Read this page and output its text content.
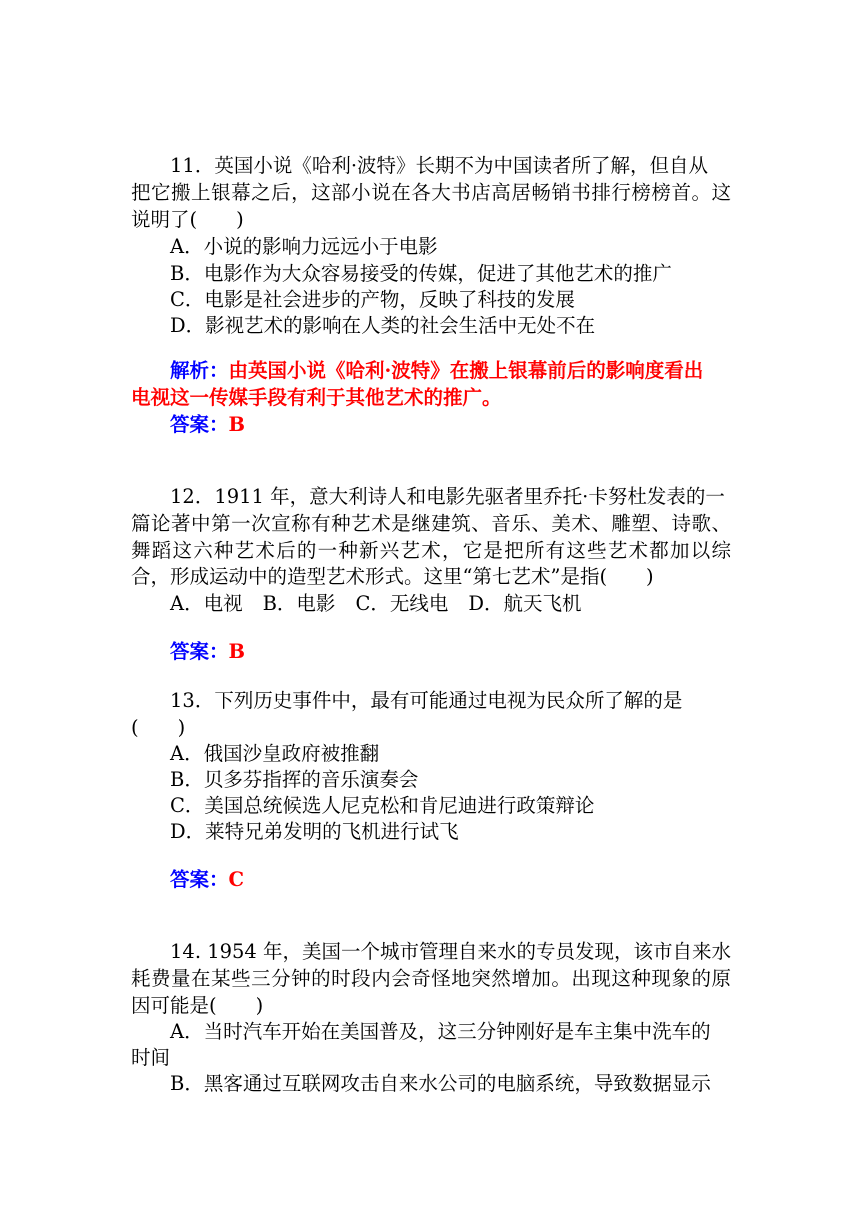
11．英国小说《哈利·波特》长期不为中国读者所了解，但自从
把它搬上银幕之后，这部小说在各大书店高居畅销书排行榜榜首。这
说明了(　　)
A．小说的影响力远远小于电影
B．电影作为大众容易接受的传媒，促进了其他艺术的推广
C．电影是社会进步的产物，反映了科技的发展
D．影视艺术的影响在人类的社会生活中无处不在
解析：由英国小说《哈利·波特》在搬上银幕前后的影响度看出
电视这一传媒手段有利于其他艺术的推广。
答案：B
12．1911 年，意大利诗人和电影先驱者里乔托·卡努杜发表的一
篇论著中第一次宣称有种艺术是继建筑、音乐、美术、雕塑、诗歌、
舞蹈这六种艺术后的一种新兴艺术，它是把所有这些艺术都加以综
合，形成运动中的造型艺术形式。这里“第七艺术”是指(　　)
A．电视 B．电影 C．无线电 D．航天飞机
答案：B
13．下列历史事件中，最有可能通过电视为民众所了解的是
(　　)
A．俄国沙皇政府被推翻
B．贝多芬指挥的音乐演奏会
C．美国总统候选人尼克松和肯尼迪进行政策辩论
D．莱特兄弟发明的飞机进行试飞
答案：C
14. 1954 年，美国一个城市管理自来水的专员发现，该市自来水
耗费量在某些三分钟的时段内会奇怪地突然增加。出现这种现象的原
因可能是(　　)
A．当时汽车开始在美国普及，这三分钟刚好是车主集中洗车的
时间
B．黑客通过互联网攻击自来水公司的电脑系统，导致数据显示
